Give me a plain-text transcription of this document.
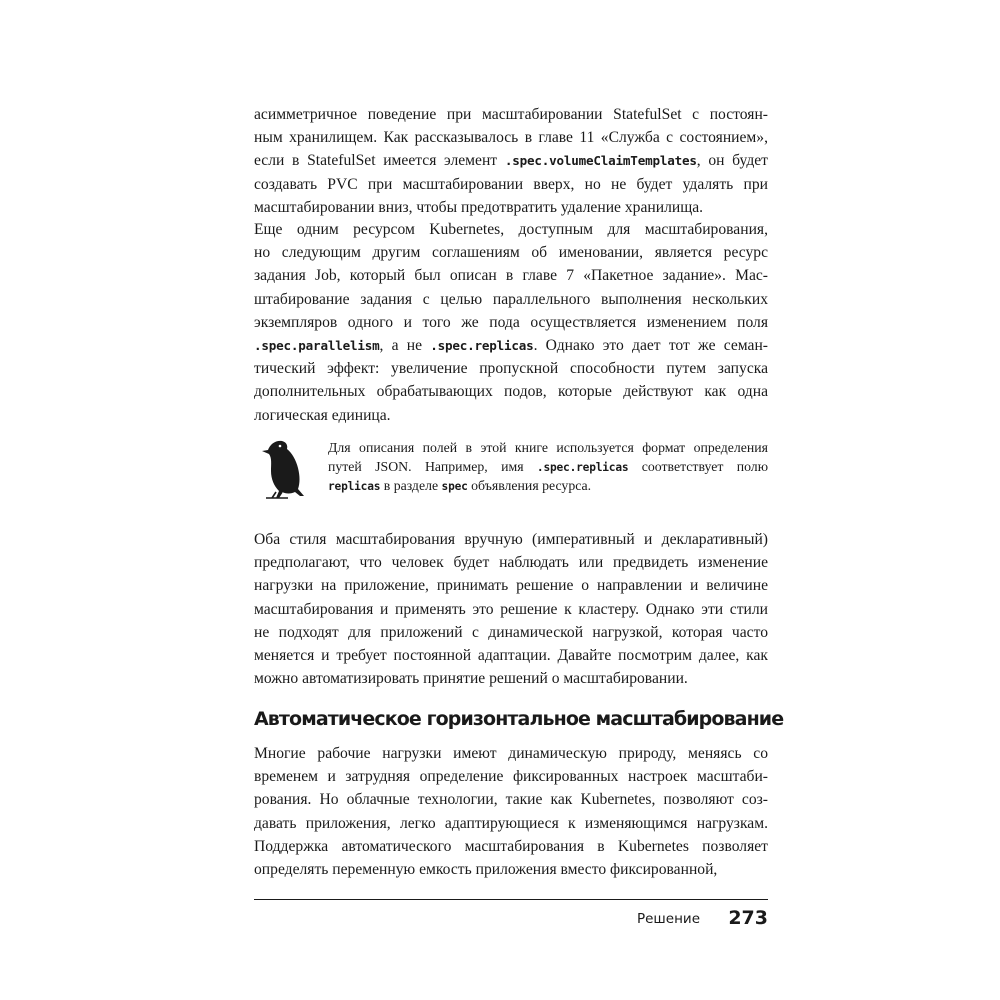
асимметричное поведение при масштабировании StatefulSet с постоян-
ным хранилищем. Как рассказывалось в главе 11 «Служба с состоянием»,
если в StatefulSet имеется элемент .spec.volumeClaimTemplates, он будет
создавать PVC при масштабировании вверх, но не будет удалять при
масштабировании вниз, чтобы предотвратить удаление хранилища.
Еще одним ресурсом Kubernetes, доступным для масштабирования,
но следующим другим соглашениям об именовании, является ресурс
задания Job, который был описан в главе 7 «Пакетное задание». Мас-
штабирование задания с целью параллельного выполнения нескольких
экземпляров одного и того же пода осуществляется изменением поля
.spec.parallelism, а не .spec.replicas. Однако это дает тот же семан-
тический эффект: увеличение пропускной способности путем запуска
дополнительных обрабатывающих подов, которые действуют как одна
логическая единица.
Для описания полей в этой книге используется формат определения
путей JSON. Например, имя .spec.replicas соответствует полю
replicas в разделе spec объявления ресурса.
Оба стиля масштабирования вручную (императивный и декларативный)
предполагают, что человек будет наблюдать или предвидеть изменение
нагрузки на приложение, принимать решение о направлении и величине
масштабирования и применять это решение к кластеру. Однако эти стили
не подходят для приложений с динамической нагрузкой, которая часто
меняется и требует постоянной адаптации. Давайте посмотрим далее, как
можно автоматизировать принятие решений о масштабировании.
Автоматическое горизонтальное масштабирование
Многие рабочие нагрузки имеют динамическую природу, меняясь со
временем и затрудняя определение фиксированных настроек масштаби-
рования. Но облачные технологии, такие как Kubernetes, позволяют соз-
давать приложения, легко адаптирующиеся к изменяющимся нагрузкам.
Поддержка автоматического масштабирования в Kubernetes позволяет
определять переменную емкость приложения вместо фиксированной,
Решение	273
